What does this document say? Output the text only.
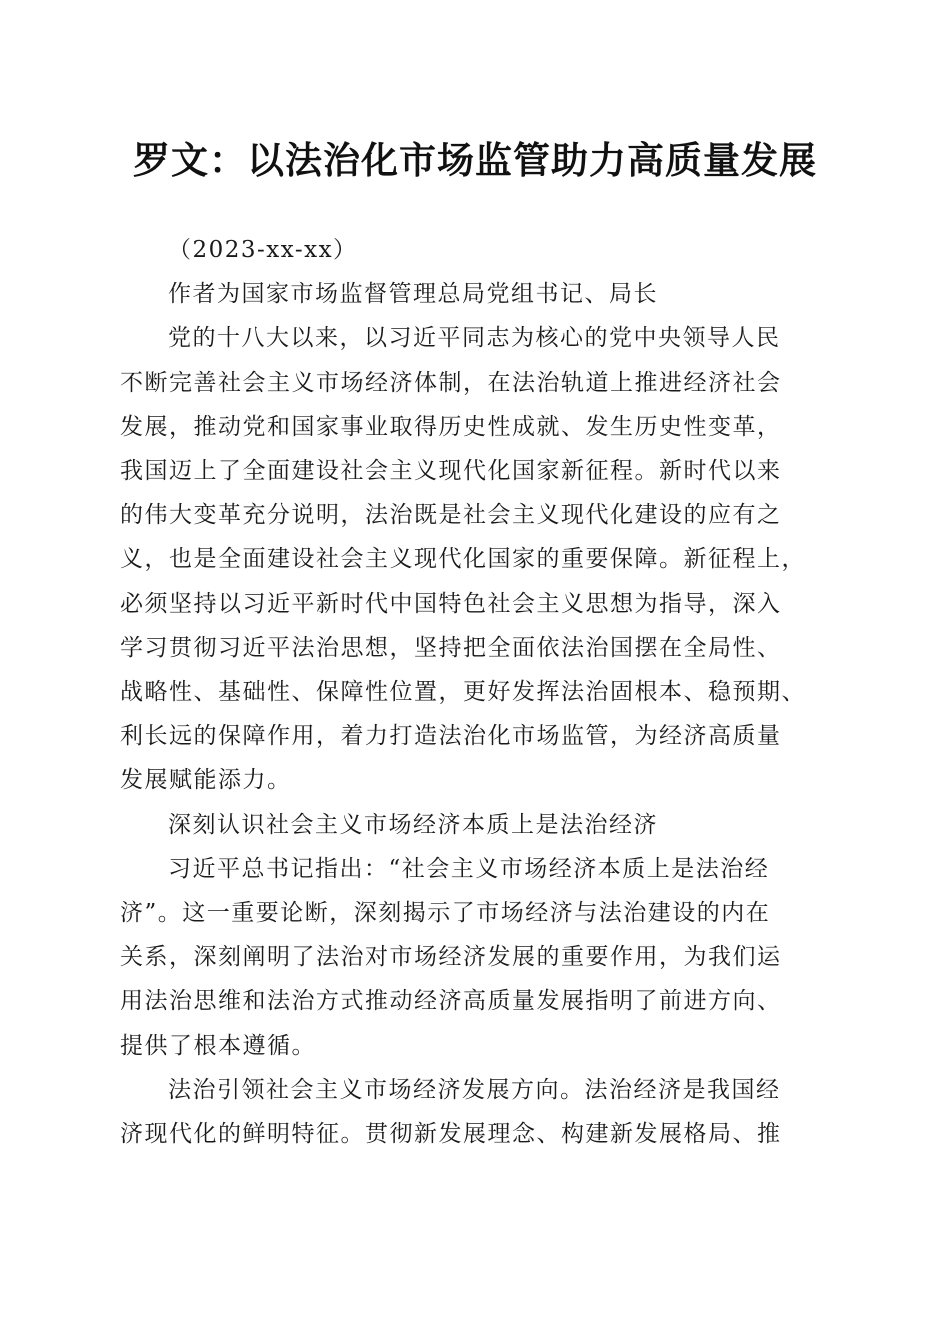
罗文：以法治化市场监管助力高质量发展

（2023-xx-xx）

作者为国家市场监督管理总局党组书记、局长

党的十八大以来，以习近平同志为核心的党中央领导人民
不断完善社会主义市场经济体制，在法治轨道上推进经济社会
发展，推动党和国家事业取得历史性成就、发生历史性变革，
我国迈上了全面建设社会主义现代化国家新征程。新时代以来
的伟大变革充分说明，法治既是社会主义现代化建设的应有之
义，也是全面建设社会主义现代化国家的重要保障。新征程上，
必须坚持以习近平新时代中国特色社会主义思想为指导，深入
学习贯彻习近平法治思想，坚持把全面依法治国摆在全局性、
战略性、基础性、保障性位置，更好发挥法治固根本、稳预期、
利长远的保障作用，着力打造法治化市场监管，为经济高质量
发展赋能添力。

深刻认识社会主义市场经济本质上是法治经济

习近平总书记指出：“社会主义市场经济本质上是法治经
济”。这一重要论断，深刻揭示了市场经济与法治建设的内在
关系，深刻阐明了法治对市场经济发展的重要作用，为我们运
用法治思维和法治方式推动经济高质量发展指明了前进方向、
提供了根本遵循。

法治引领社会主义市场经济发展方向。法治经济是我国经
济现代化的鲜明特征。贯彻新发展理念、构建新发展格局、推
